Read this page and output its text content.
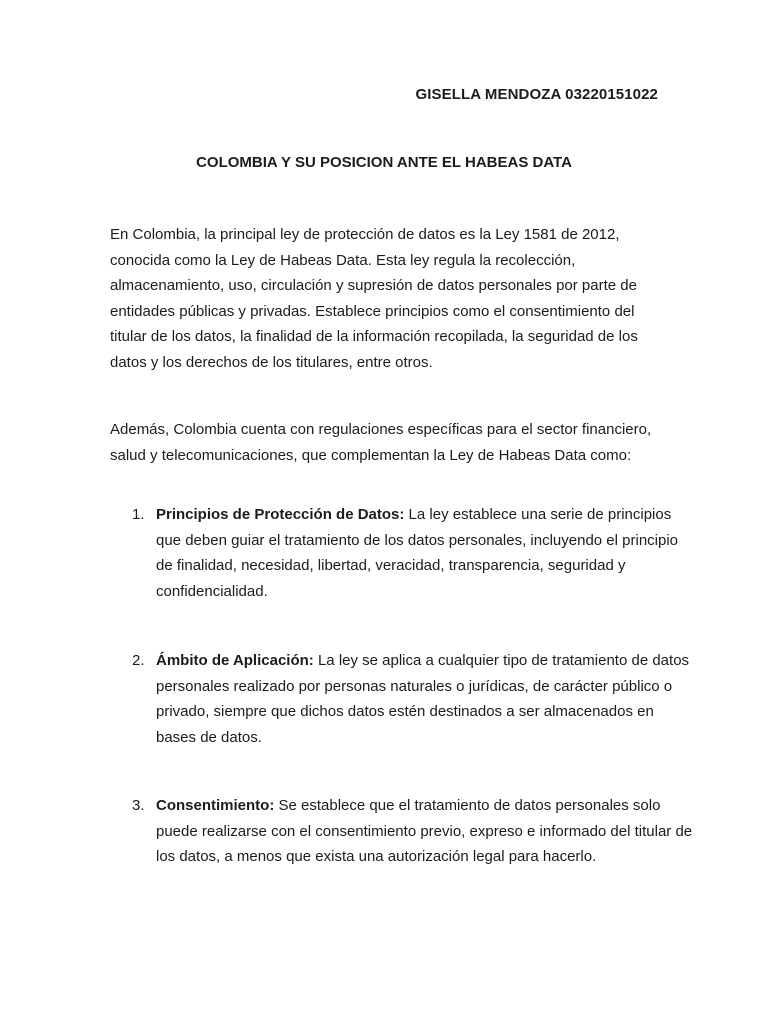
GISELLA MENDOZA 03220151022

COLOMBIA Y SU POSICION ANTE EL HABEAS DATA

En Colombia, la principal ley de protección de datos es la Ley 1581 de 2012, conocida como la Ley de Habeas Data. Esta ley regula la recolección, almacenamiento, uso, circulación y supresión de datos personales por parte de entidades públicas y privadas. Establece principios como el consentimiento del titular de los datos, la finalidad de la información recopilada, la seguridad de los datos y los derechos de los titulares, entre otros.

Además, Colombia cuenta con regulaciones específicas para el sector financiero, salud y telecomunicaciones, que complementan la Ley de Habeas Data como:

1. Principios de Protección de Datos: La ley establece una serie de principios que deben guiar el tratamiento de los datos personales, incluyendo el principio de finalidad, necesidad, libertad, veracidad, transparencia, seguridad y confidencialidad.
2. Ámbito de Aplicación: La ley se aplica a cualquier tipo de tratamiento de datos personales realizado por personas naturales o jurídicas, de carácter público o privado, siempre que dichos datos estén destinados a ser almacenados en bases de datos.
3. Consentimiento: Se establece que el tratamiento de datos personales solo puede realizarse con el consentimiento previo, expreso e informado del titular de los datos, a menos que exista una autorización legal para hacerlo.
